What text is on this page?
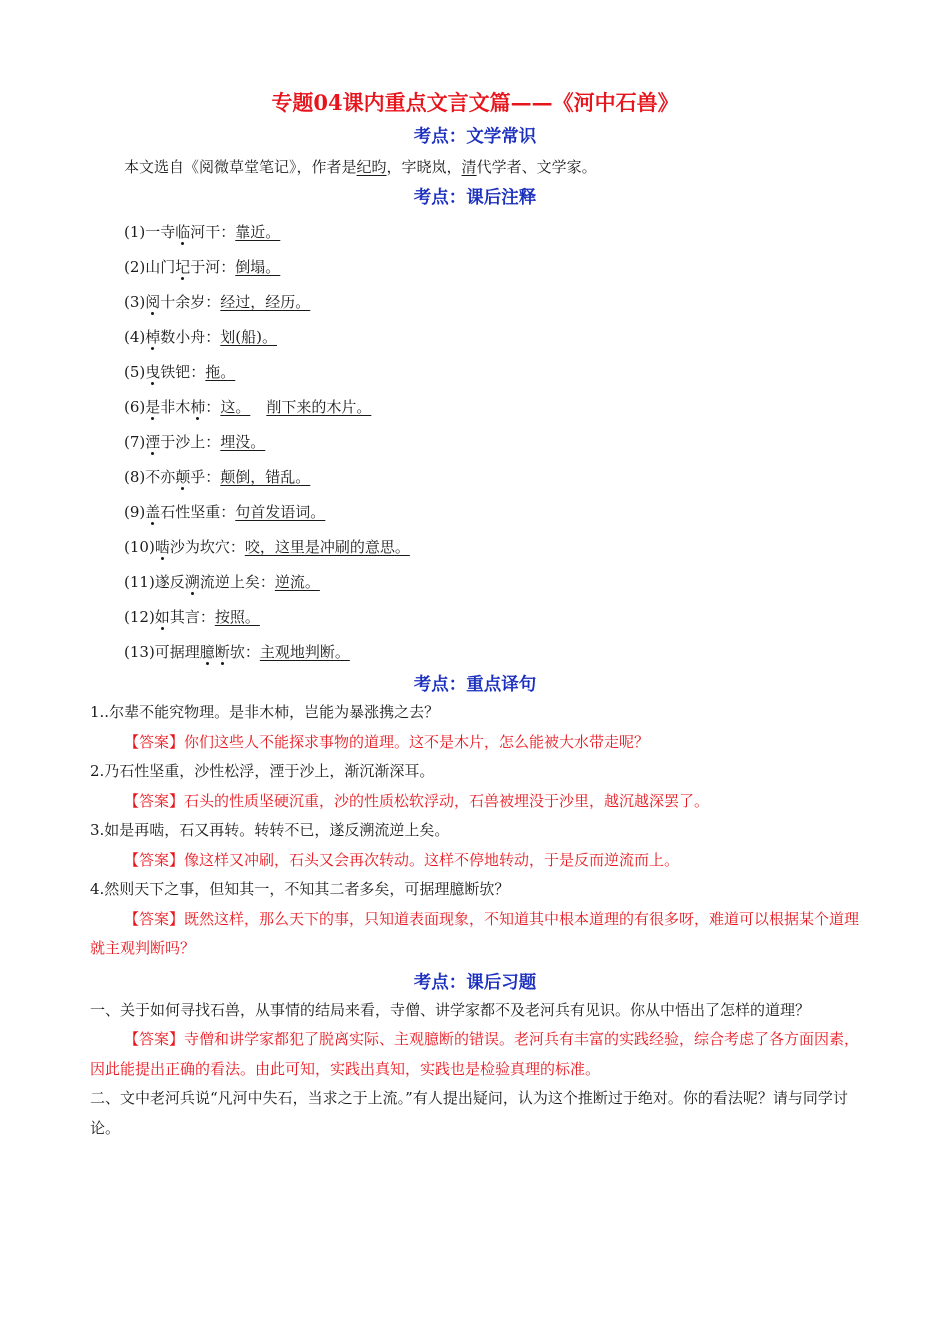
专题04课内重点文言文篇——《河中石兽》
考点：文学常识

本文选自《阅微草堂笔记》，作者是纪昀，字晓岚，清代学者、文学家。

考点：课后注释
(1)一寺临河干：靠近。
(2)山门圮于河：倒塌。
(3)阅十余岁：经过，经历。
(4)棹数小舟：划(船)。
(5)曳铁钯：拖。
(6)是非木杮：这。 削下来的木片。
(7)湮于沙上：埋没。
(8)不亦颠乎：颠倒，错乱。
(9)盖石性坚重：句首发语词。
(10)啮沙为坎穴：咬，这里是冲刷的意思。
(11)遂反溯流逆上矣：逆流。
(12)如其言：按照。
(13)可据理臆断欤：主观地判断。
考点：重点译句

1..尔辈不能究物理。是非木杮，岂能为暴涨携之去？

【答案】你们这些人不能探求事物的道理。这不是木片，怎么能被大水带走呢？

2.乃石性坚重，沙性松浮，湮于沙上，渐沉渐深耳。

【答案】石头的性质坚硬沉重，沙的性质松软浮动，石兽被埋没于沙里，越沉越深罢了。

3.如是再啮，石又再转。转转不已，遂反溯流逆上矣。

【答案】像这样又冲刷，石头又会再次转动。这样不停地转动，于是反而逆流而上。

4.然则天下之事，但知其一，不知其二者多矣，可据理臆断欤？

【答案】既然这样，那么天下的事，只知道表面现象，不知道其中根本道理的有很多呀，难道可以根据某个道理就主观判断吗？

考点：课后习题

一、关于如何寻找石兽，从事情的结局来看，寺僧、讲学家都不及老河兵有见识。你从中悟出了怎样的道理？

【答案】寺僧和讲学家都犯了脱离实际、主观臆断的错误。老河兵有丰富的实践经验，综合考虑了各方面因素，因此能提出正确的看法。由此可知，实践出真知，实践也是检验真理的标准。

二、文中老河兵说“凡河中失石，当求之于上流。”有人提出疑问，认为这个推断过于绝对。你的看法呢？请与同学讨论。
